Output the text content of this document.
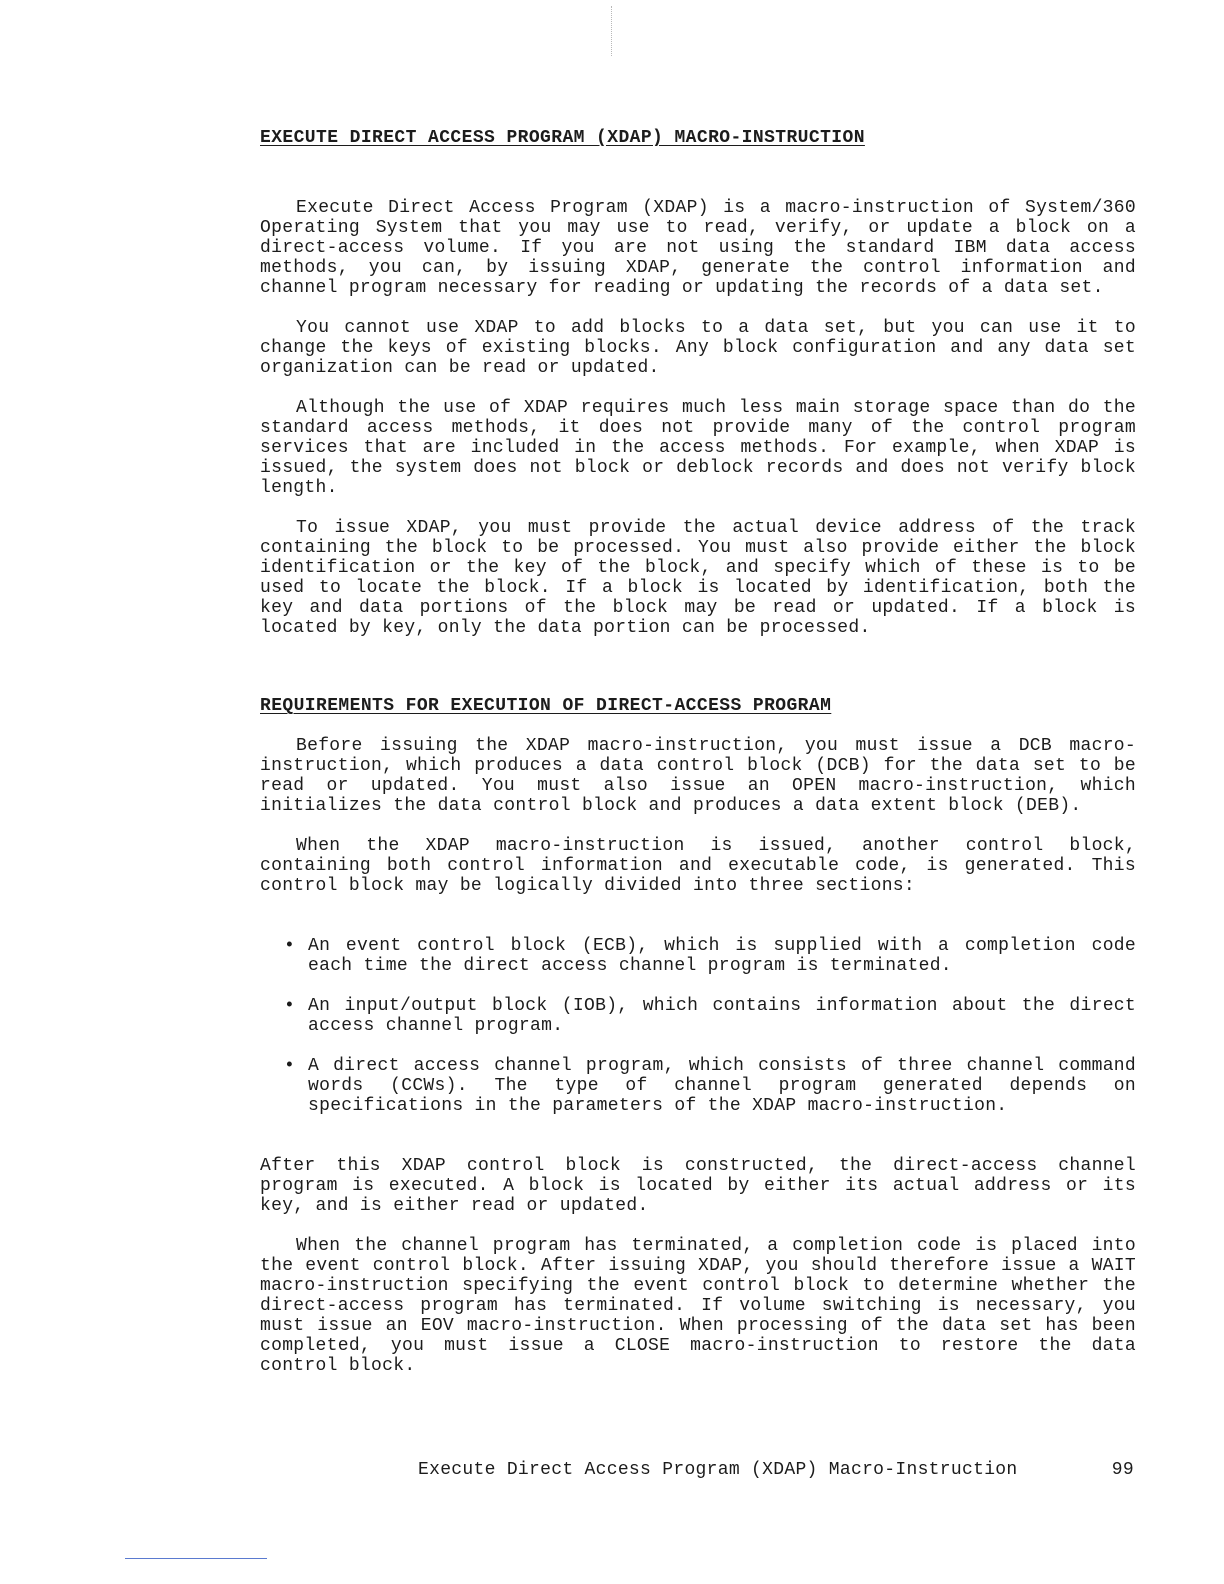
EXECUTE DIRECT ACCESS PROGRAM (XDAP) MACRO-INSTRUCTION

Execute Direct Access Program (XDAP) is a macro-instruction of System/360 Operating System that you may use to read, verify, or update a block on a direct-access volume. If you are not using the standard IBM data access methods, you can, by issuing XDAP, generate the control information and channel program necessary for reading or updating the records of a data set.

You cannot use XDAP to add blocks to a data set, but you can use it to change the keys of existing blocks. Any block configuration and any data set organization can be read or updated.

Although the use of XDAP requires much less main storage space than do the standard access methods, it does not provide many of the control program services that are included in the access methods. For example, when XDAP is issued, the system does not block or deblock records and does not verify block length.

To issue XDAP, you must provide the actual device address of the track containing the block to be processed. You must also provide either the block identification or the key of the block, and specify which of these is to be used to locate the block. If a block is located by identification, both the key and data portions of the block may be read or updated. If a block is located by key, only the data portion can be processed.

REQUIREMENTS FOR EXECUTION OF DIRECT-ACCESS PROGRAM

Before issuing the XDAP macro-instruction, you must issue a DCB macro-instruction, which produces a data control block (DCB) for the data set to be read or updated. You must also issue an OPEN macro-instruction, which initializes the data control block and produces a data extent block (DEB).

When the XDAP macro-instruction is issued, another control block, containing both control information and executable code, is generated. This control block may be logically divided into three sections:

• An event control block (ECB), which is supplied with a completion code each time the direct access channel program is terminated.
• An input/output block (IOB), which contains information about the direct access channel program.
• A direct access channel program, which consists of three channel command words (CCWs). The type of channel program generated depends on specifications in the parameters of the XDAP macro-instruction.

After this XDAP control block is constructed, the direct-access channel program is executed. A block is located by either its actual address or its key, and is either read or updated.

When the channel program has terminated, a completion code is placed into the event control block. After issuing XDAP, you should therefore issue a WAIT macro-instruction specifying the event control block to determine whether the direct-access program has terminated. If volume switching is necessary, you must issue an EOV macro-instruction. When processing of the data set has been completed, you must issue a CLOSE macro-instruction to restore the data control block.

Execute Direct Access Program (XDAP) Macro-Instruction	99
